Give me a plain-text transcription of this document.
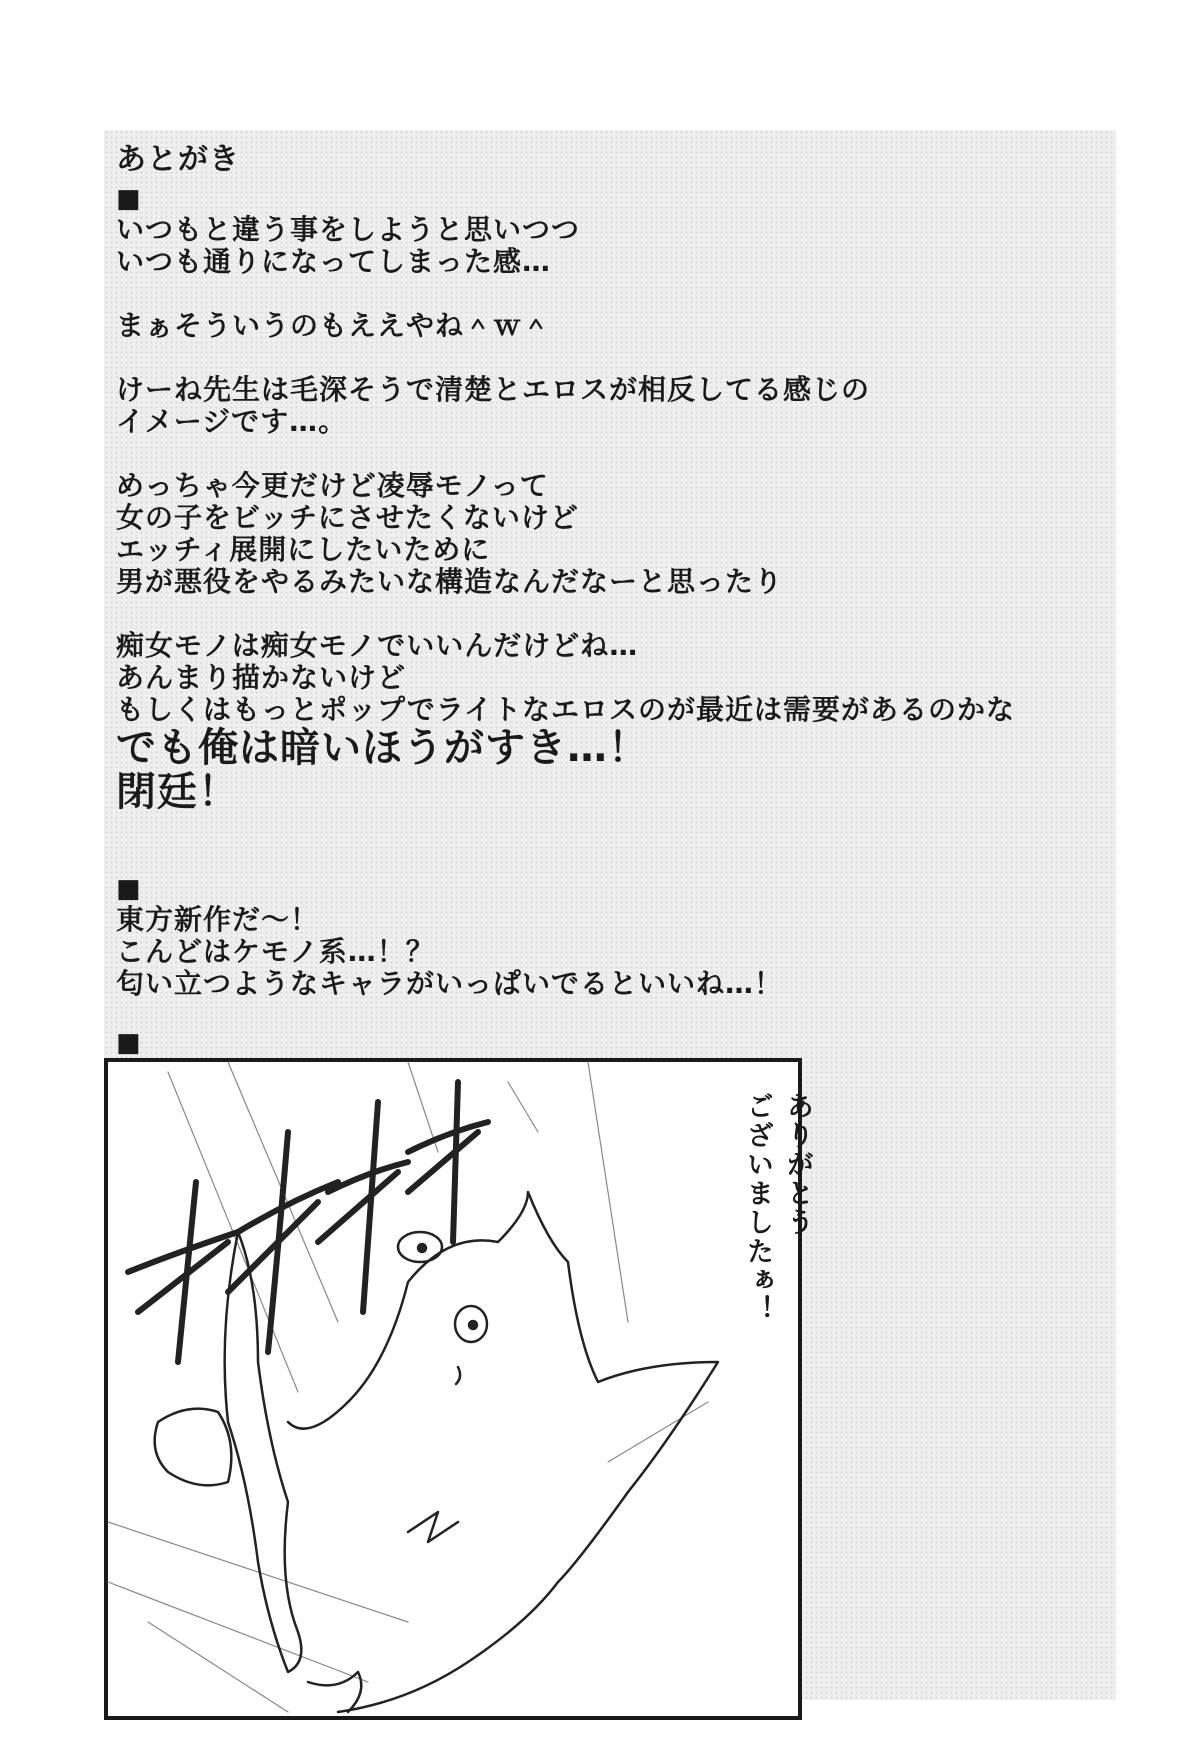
あとがき
■
いつもと違う事をしようと思いつつ
いつも通りになってしまった感…
まぁそういうのもええやね＾ｗ＾
けーね先生は毛深そうで清楚とエロスが相反してる感じの
イメージです…。
めっちゃ今更だけど凌辱モノって
女の子をビッチにさせたくないけど
エッチィ展開にしたいために
男が悪役をやるみたいな構造なんだなーと思ったり
痴女モノは痴女モノでいいんだけどね…
あんまり描かないけど
もしくはもっとポップでライトなエロスのが最近は需要があるのかな
でも俺は暗いほうがすき…！
閉廷！
■
東方新作だ～！
こんどはケモノ系…！？
匂い立つようなキャラがいっぱいでるといいね…！
■
ありがとう
ございましたぁ！
